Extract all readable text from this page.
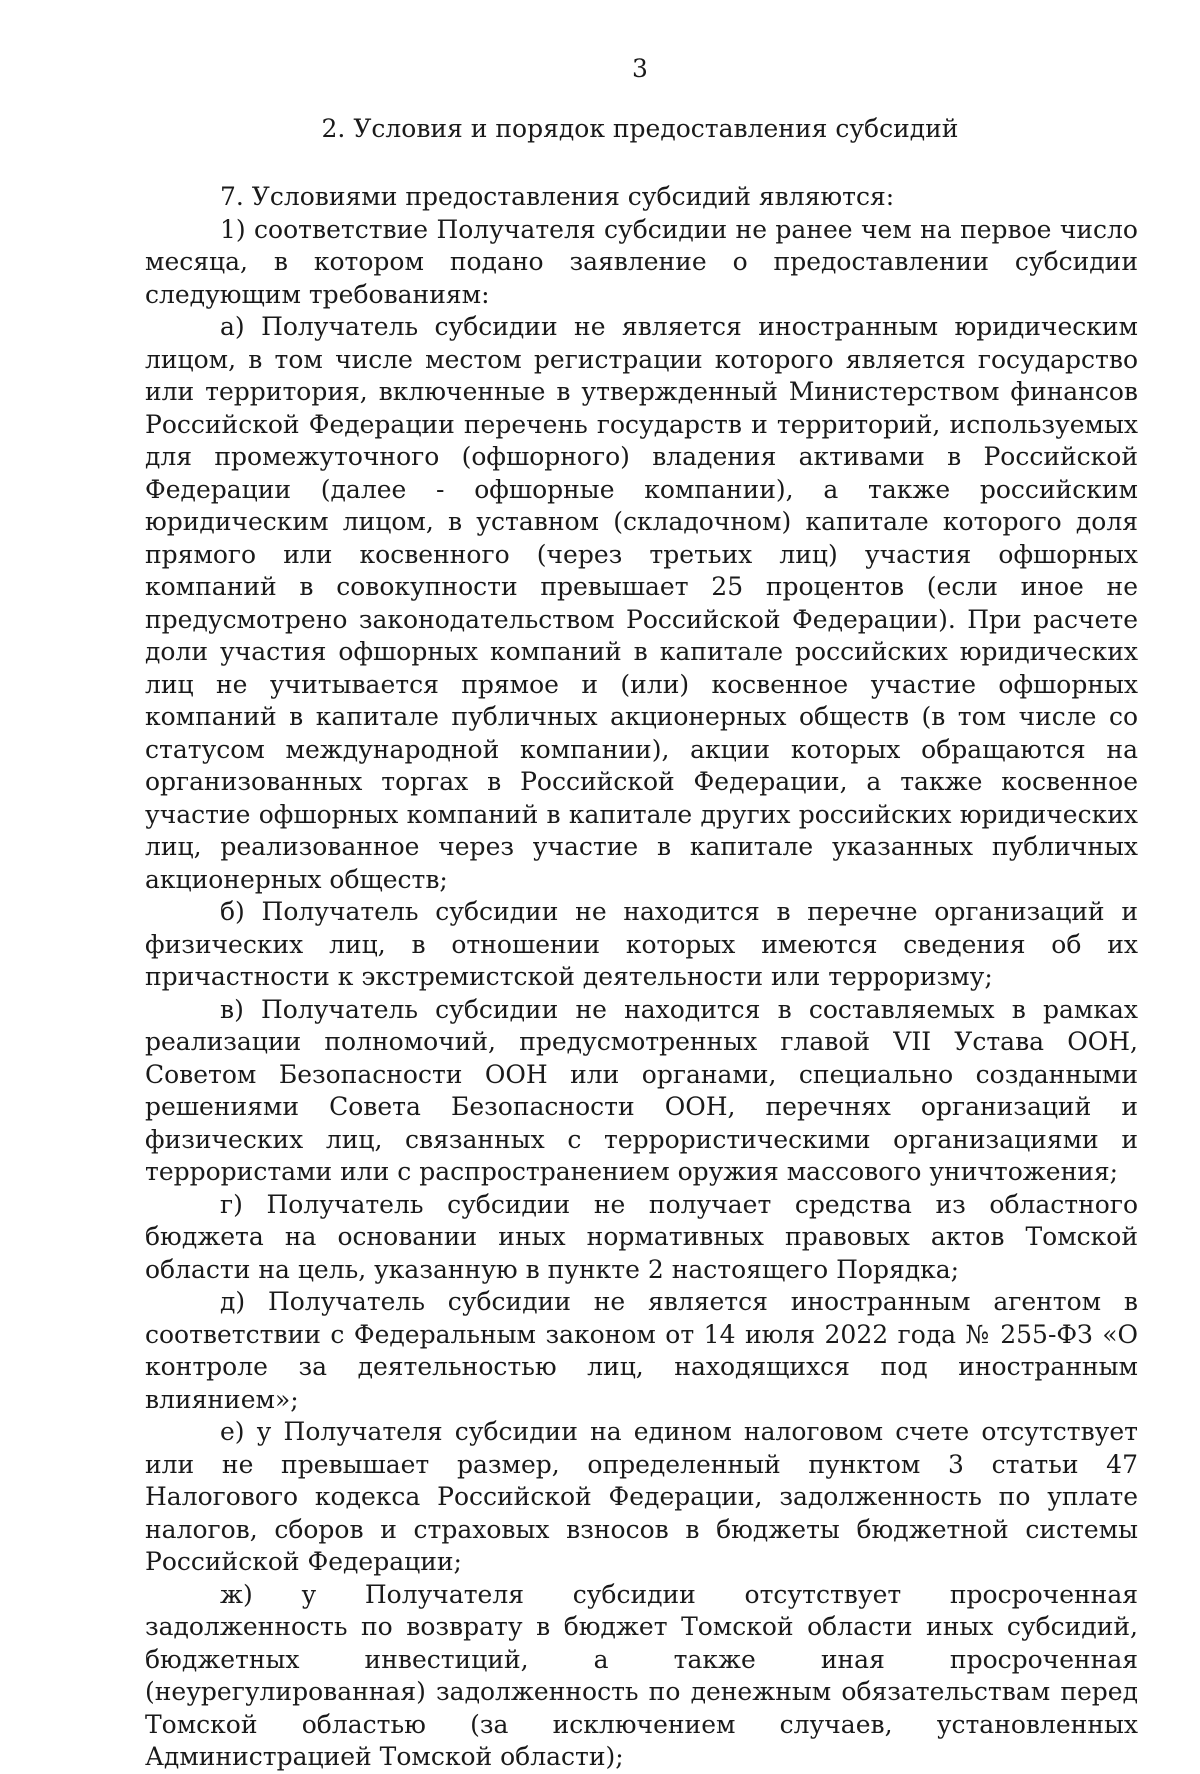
3
2. Условия и порядок предоставления субсидий

7. Условиями предоставления субсидий являются:

1) соответствие Получателя субсидии не ранее чем на первое число месяца, в котором подано заявление о предоставлении субсидии следующим требованиям:

а) Получатель субсидии не является иностранным юридическим лицом, в том числе местом регистрации которого является государство или территория, включенные в утвержденный Министерством финансов Российской Федерации перечень государств и территорий, используемых для промежуточного (офшорного) владения активами в Российской Федерации (далее - офшорные компании), а также российским юридическим лицом, в уставном (складочном) капитале которого доля прямого или косвенного (через третьих лиц) участия офшорных компаний в совокупности превышает 25 процентов (если иное не предусмотрено законодательством Российской Федерации). При расчете доли участия офшорных компаний в капитале российских юридических лиц не учитывается прямое и (или) косвенное участие офшорных компаний в капитале публичных акционерных обществ (в том числе со статусом международной компании), акции которых обращаются на организованных торгах в Российской Федерации, а также косвенное участие офшорных компаний в капитале других российских юридических лиц, реализованное через участие в капитале указанных публичных акционерных обществ;

б) Получатель субсидии не находится в перечне организаций и физических лиц, в отношении которых имеются сведения об их причастности к экстремистской деятельности или терроризму;

в) Получатель субсидии не находится в составляемых в рамках реализации полномочий, предусмотренных главой VII Устава ООН, Советом Безопасности ООН или органами, специально созданными решениями Совета Безопасности ООН, перечнях организаций и физических лиц, связанных с террористическими организациями и террористами или с распространением оружия массового уничтожения;

г) Получатель субсидии не получает средства из областного бюджета на основании иных нормативных правовых актов Томской области на цель, указанную в пункте 2 настоящего Порядка;

д) Получатель субсидии не является иностранным агентом в соответствии с Федеральным законом от 14 июля 2022 года № 255-ФЗ «О контроле за деятельностью лиц, находящихся под иностранным влиянием»;

е) у Получателя субсидии на едином налоговом счете отсутствует или не превышает размер, определенный пунктом 3 статьи 47 Налогового кодекса Российской Федерации, задолженность по уплате налогов, сборов и страховых взносов в бюджеты бюджетной системы Российской Федерации;

ж) у Получателя субсидии отсутствует просроченная задолженность по возврату в бюджет Томской области иных субсидий, бюджетных инвестиций, а также иная просроченная (неурегулированная) задолженность по денежным обязательствам перед Томской областью (за исключением случаев, установленных Администрацией Томской области);
